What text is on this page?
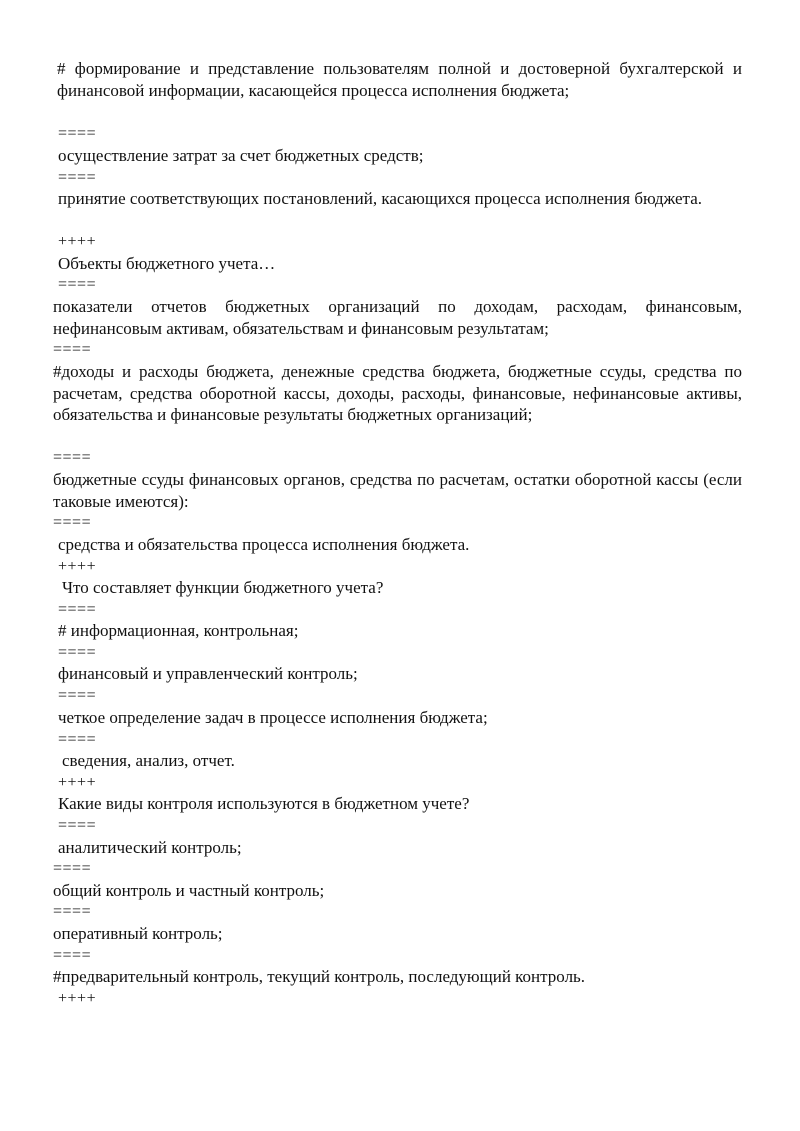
# формирование и представление пользователям полной и достоверной бухгалтерской и финансовой информации, касающейся процесса исполнения бюджета;
====
осуществление затрат за счет бюджетных средств;
====
принятие соответствующих постановлений, касающихся процесса исполнения бюджета.
++++
Объекты бюджетного учета…
====
показатели отчетов бюджетных организаций по доходам, расходам, финансовым, нефинансовым активам, обязательствам и финансовым результатам;
====
#доходы и расходы бюджета, денежные средства бюджета, бюджетные ссуды, средства по расчетам, средства оборотной кассы, доходы, расходы, финансовые, нефинансовые активы, обязательства и финансовые результаты бюджетных организаций;
====
бюджетные ссуды финансовых органов, средства по расчетам, остатки оборотной кассы (если таковые имеются):
====
средства и обязательства процесса исполнения бюджета.
++++
Что составляет функции бюджетного учета?
====
# информационная, контрольная;
====
финансовый и управленческий контроль;
====
четкое определение задач в процессе исполнения бюджета;
====
сведения, анализ, отчет.
++++
Какие виды контроля используются в бюджетном учете?
====
аналитический контроль;
====
общий контроль и частный контроль;
====
оперативный контроль;
====
#предварительный контроль, текущий контроль, последующий контроль.
++++
